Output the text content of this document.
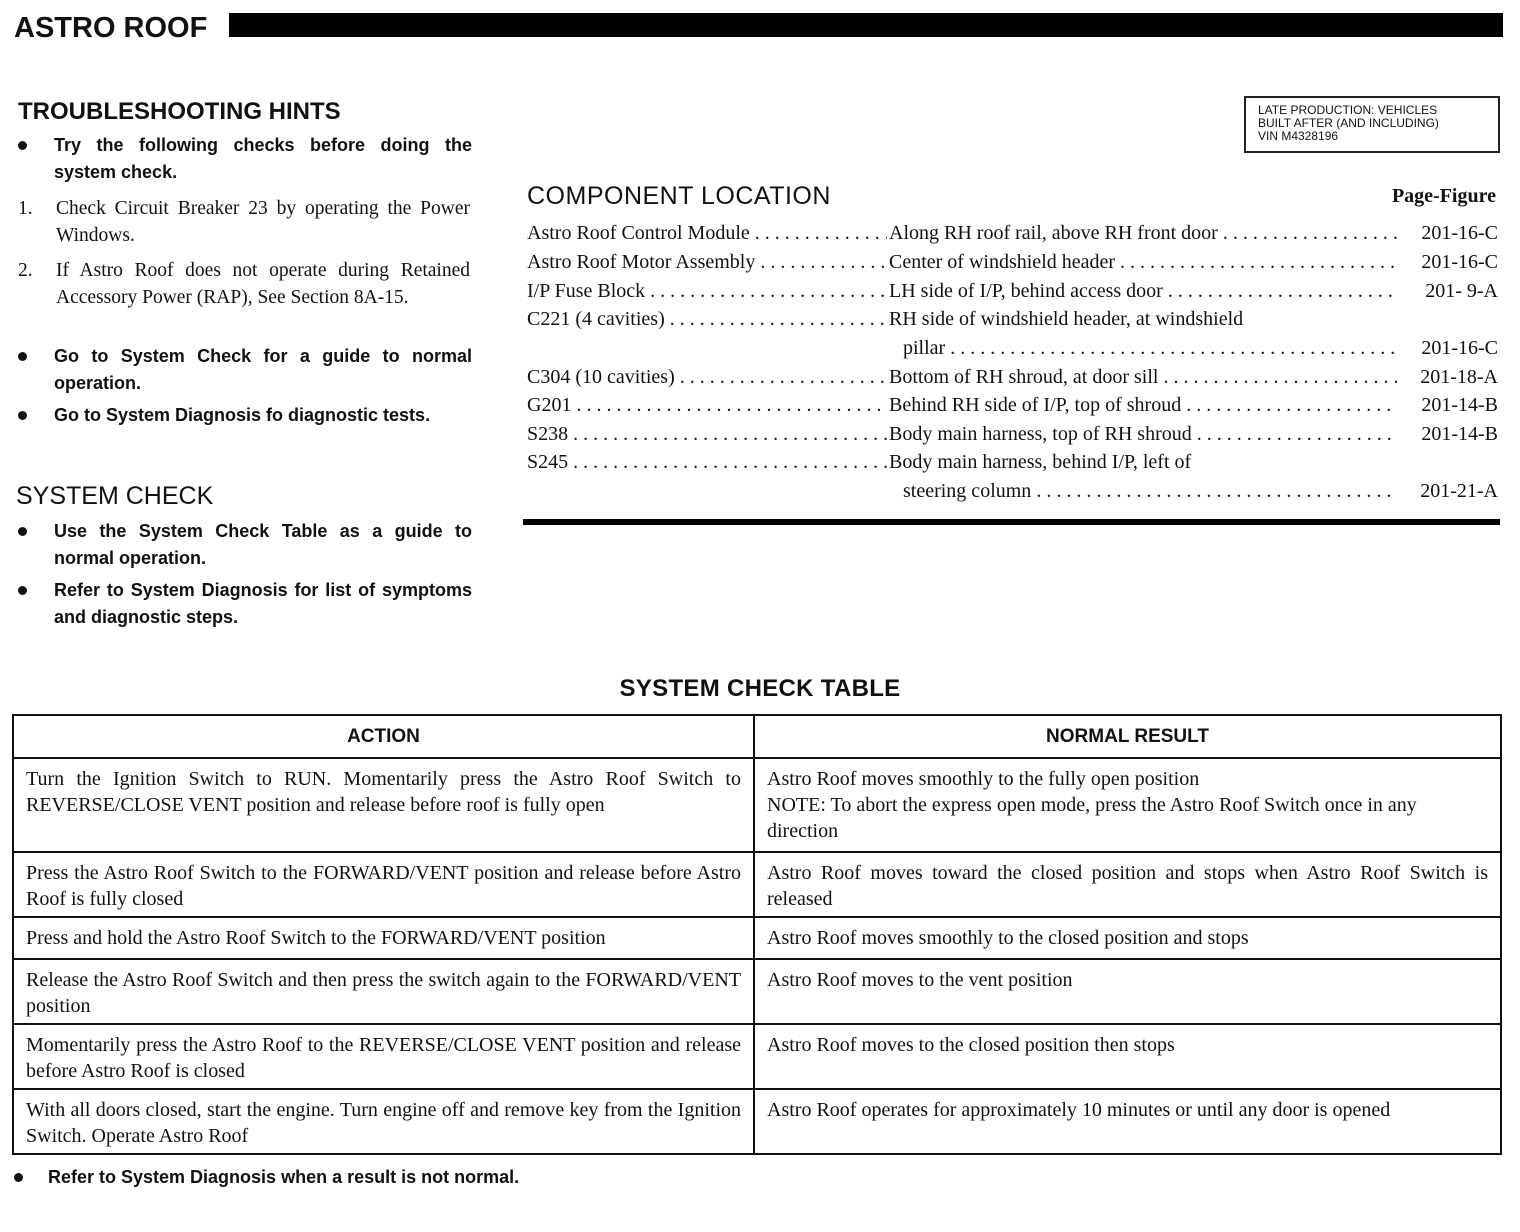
ASTRO ROOF
TROUBLESHOOTING HINTS
Try the following checks before doing the system check.
1. Check Circuit Breaker 23 by operating the Power Windows.
2. If Astro Roof does not operate during Retained Accessory Power (RAP), See Section 8A-15.
Go to System Check for a guide to normal operation.
Go to System Diagnosis fo diagnostic tests.
SYSTEM CHECK
Use the System Check Table as a guide to normal operation.
Refer to System Diagnosis for list of symptoms and diagnostic steps.
LATE PRODUCTION: VEHICLES
BUILT AFTER (AND INCLUDING)
VIN M4328196
COMPONENT LOCATION	Page-Figure
Astro Roof Control Module . . .	Along RH roof rail, above RH front door . . .	201-16-C
Astro Roof Motor Assembly . . .	Center of windshield header . . .	201-16-C
I/P Fuse Block . . .	LH side of I/P, behind access door . . .	201- 9-A
C221 (4 cavities) . . .	RH side of windshield header, at windshield
pillar . . .	201-16-C
C304 (10 cavities) . . .	Bottom of RH shroud, at door sill . . .	201-18-A
G201 . . .	Behind RH side of I/P, top of shroud . . .	201-14-B
S238 . . .	Body main harness, top of RH shroud . . .	201-14-B
S245 . . .	Body main harness, behind I/P, left of
steering column . . .	201-21-A
SYSTEM CHECK TABLE
ACTION	NORMAL RESULT
Turn the Ignition Switch to RUN. Momentarily press the Astro Roof Switch to REVERSE/CLOSE VENT position and release before roof is fully open	Astro Roof moves smoothly to the fully open position
NOTE: To abort the express open mode, press the Astro Roof Switch once in any direction

Press the Astro Roof Switch to the FORWARD/VENT position and release before Astro Roof is fully closed	Astro Roof moves toward the closed position and stops when Astro Roof Switch is released
Press and hold the Astro Roof Switch to the FORWARD/VENT position	Astro Roof moves smoothly to the closed position and stops
Release the Astro Roof Switch and then press the switch again to the FORWARD/VENT position	Astro Roof moves to the vent position
Momentarily press the Astro Roof to the REVERSE/CLOSE VENT position and release before Astro Roof is closed	Astro Roof moves to the closed position then stops
With all doors closed, start the engine. Turn engine off and remove key from the Ignition Switch. Operate Astro Roof	Astro Roof operates for approximately 10 minutes or until any door is opened
Refer to System Diagnosis when a result is not normal.
